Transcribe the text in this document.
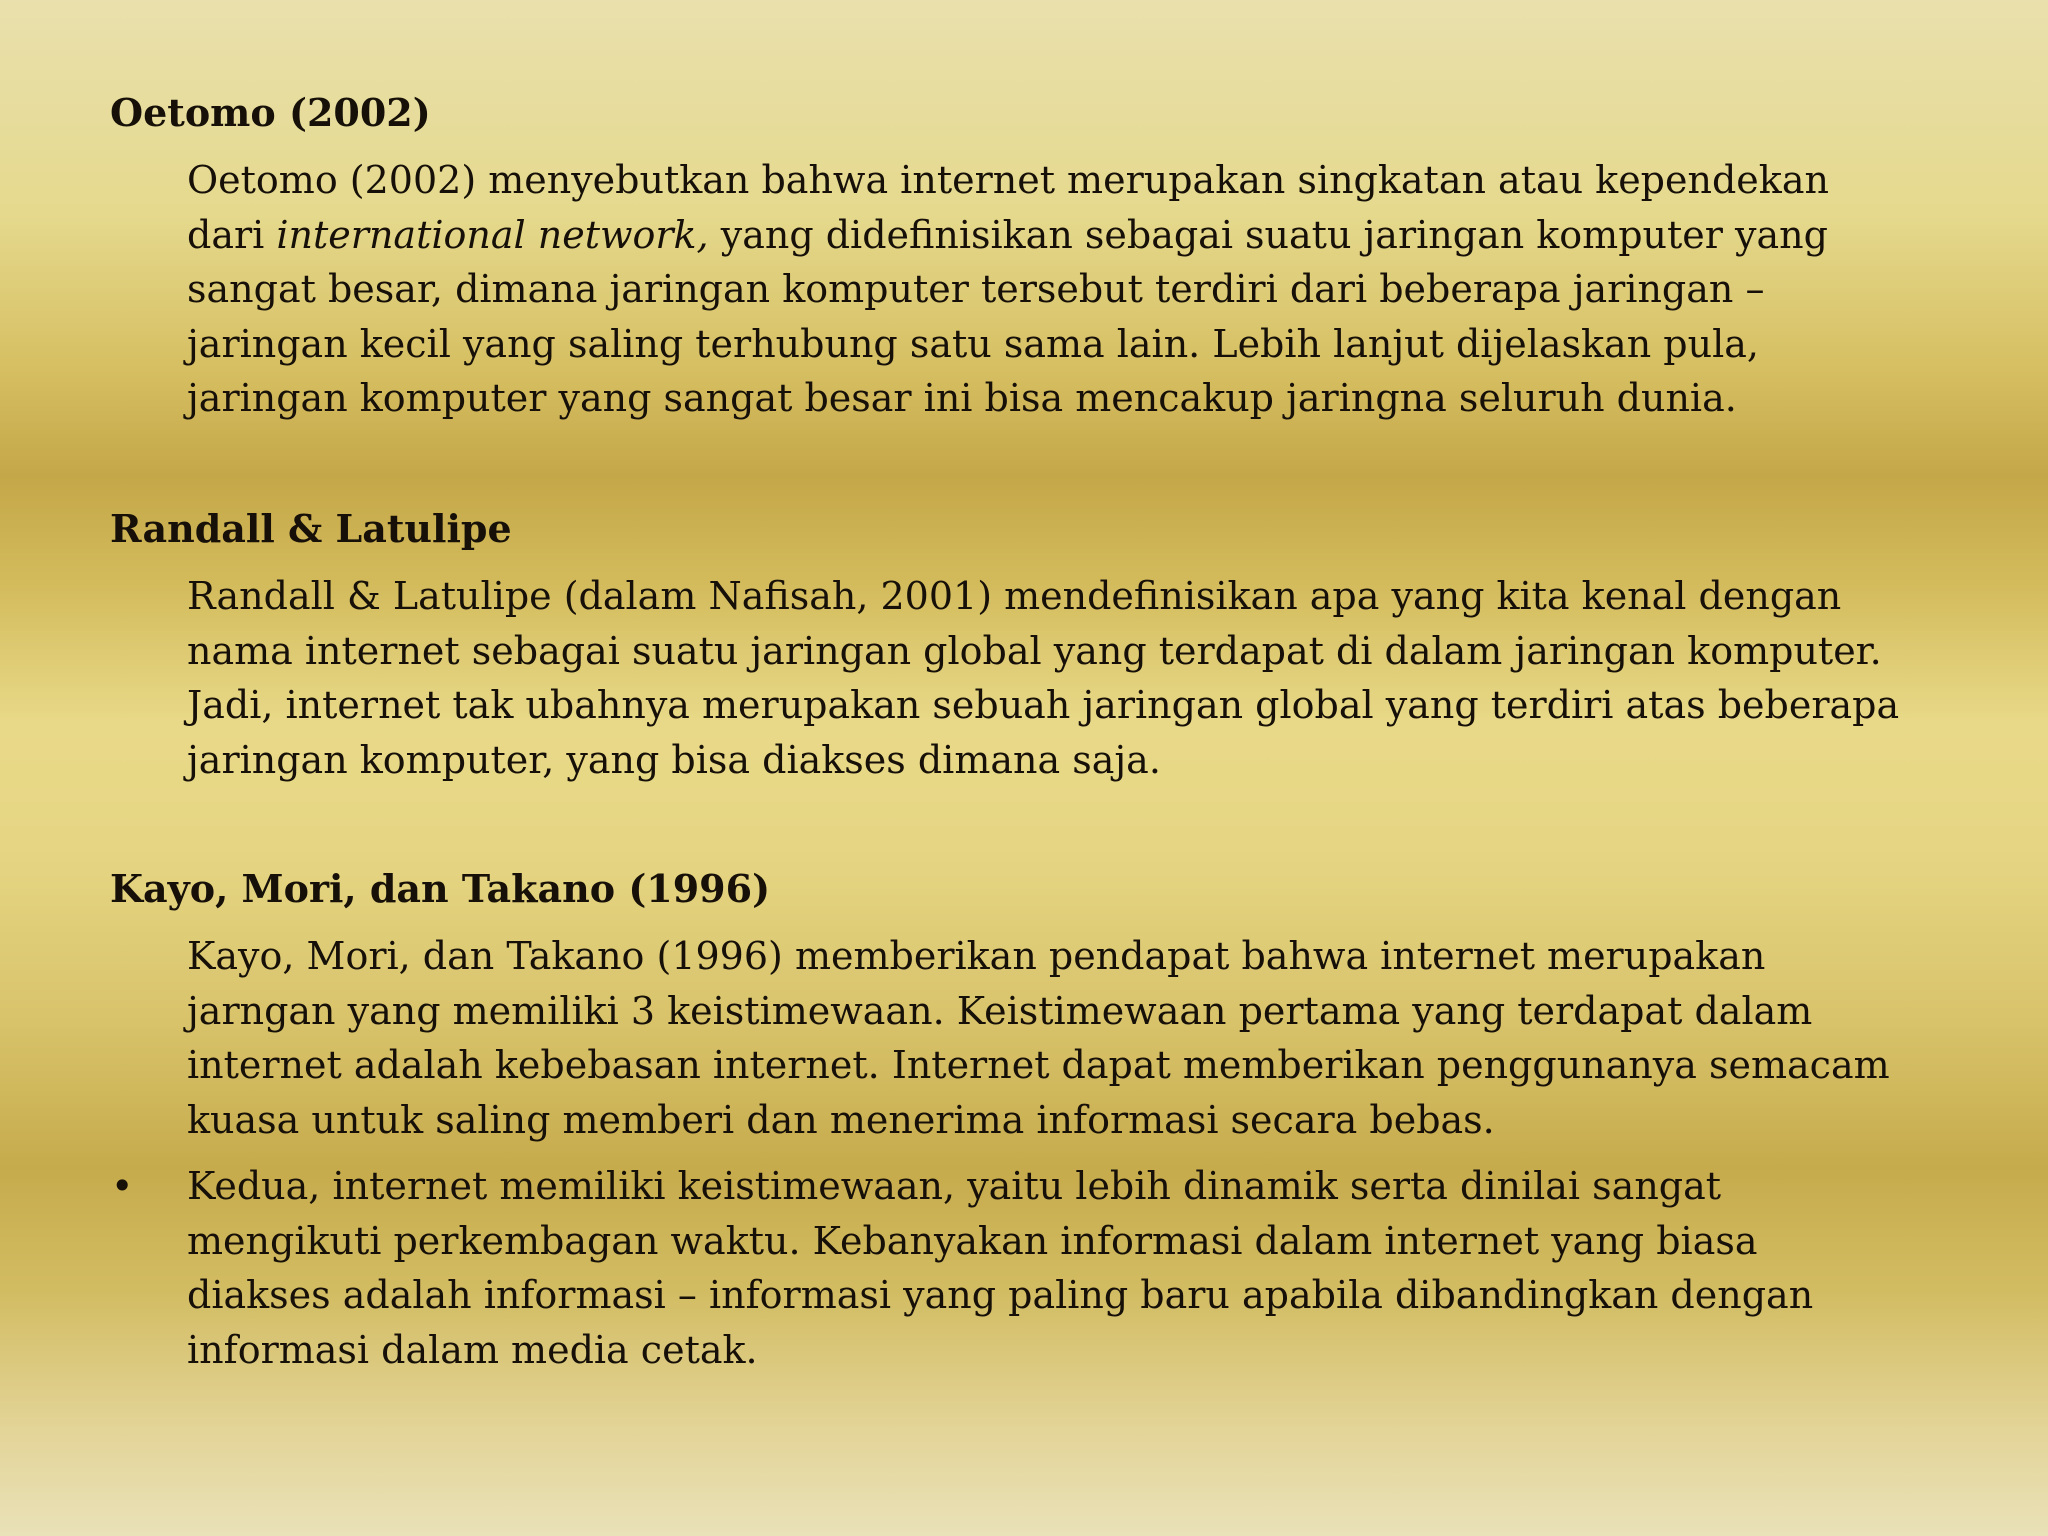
Oetomo (2002)
Oetomo (2002) menyebutkan bahwa internet merupakan singkatan atau kependekan
dari international network, yang didefinisikan sebagai suatu jaringan komputer yang
sangat besar, dimana jaringan komputer tersebut terdiri dari beberapa jaringan –
jaringan kecil yang saling terhubung satu sama lain. Lebih lanjut dijelaskan pula,
jaringan komputer yang sangat besar ini bisa mencakup jaringna seluruh dunia.
Randall & Latulipe
Randall & Latulipe (dalam Nafisah, 2001) mendefinisikan apa yang kita kenal dengan
nama internet sebagai suatu jaringan global yang terdapat di dalam jaringan komputer.
Jadi, internet tak ubahnya merupakan sebuah jaringan global yang terdiri atas beberapa
jaringan komputer, yang bisa diakses dimana saja.
Kayo, Mori, dan Takano (1996)
Kayo, Mori, dan Takano (1996) memberikan pendapat bahwa internet merupakan
jarngan yang memiliki 3 keistimewaan. Keistimewaan pertama yang terdapat dalam
internet adalah kebebasan internet. Internet dapat memberikan penggunanya semacam
kuasa untuk saling memberi dan menerima informasi secara bebas.
• Kedua, internet memiliki keistimewaan, yaitu lebih dinamik serta dinilai sangat
mengikuti perkembagan waktu. Kebanyakan informasi dalam internet yang biasa
diakses adalah informasi – informasi yang paling baru apabila dibandingkan dengan
informasi dalam media cetak.
